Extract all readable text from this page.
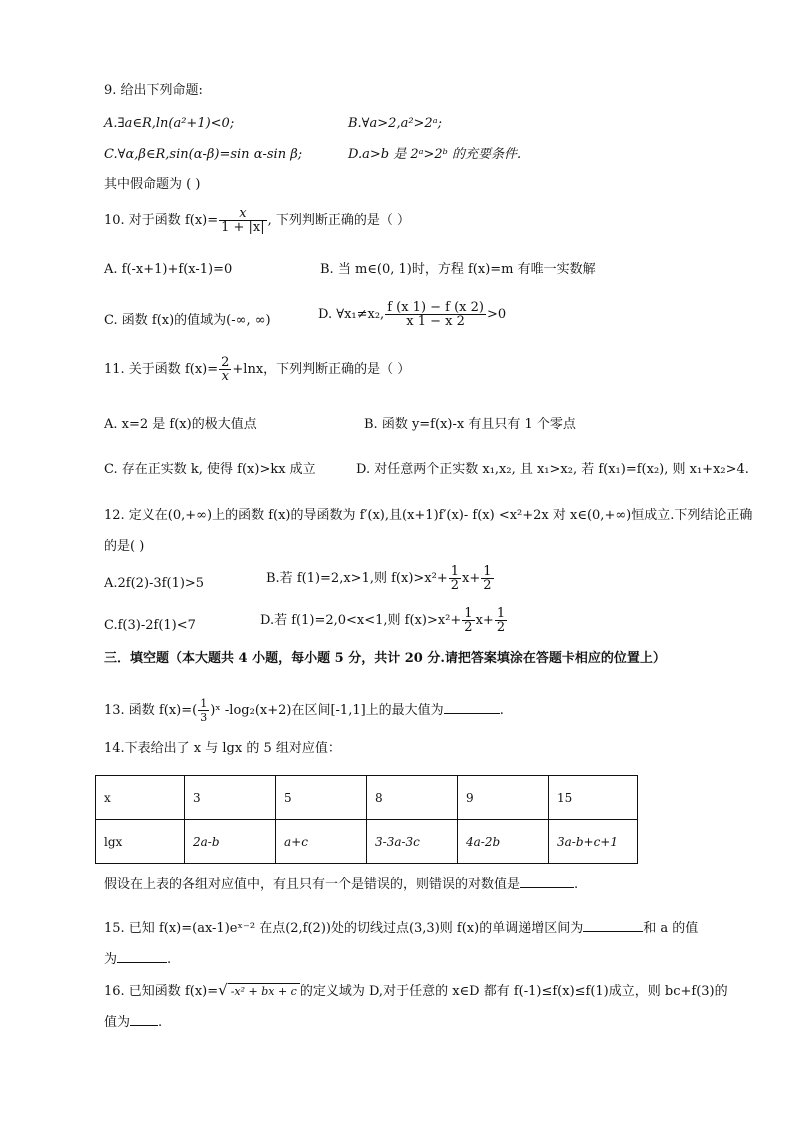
9. 给出下列命题:
A.∃a∈R,ln(a²+1)<0;	B.∀a>2,a²>2ᵃ;
C.∀α,β∈R,sin(α-β)=sin α-sin β;	D.a>b 是 2ᵃ>2ᵇ 的充要条件.
其中假命题为 ( )
10. 对于函数 $f(x)= \frac{x}{1 + |x|}$ , 下列判断正确的是（ ）
A. f(-x+1)+f(x-1)=0	B. 当 m∈(0, 1)时，方程 f(x)=m 有唯一实数解
C. 函数 f(x)的值域为(-∞, ∞)	D. ∀x₁≠x₂, $\frac{f (x 1) - f (x 2)}{x 1 - x 2} >0$
11. 关于函数 $f(x)= \frac{2}{x} +\ln x$，下列判断正确的是（ ）
A. x=2 是 f(x)的极大值点	B. 函数 y=f(x)-x 有且只有 1 个零点
C. 存在正实数 k, 使得 f(x)>kx 成立	D. 对任意两个正实数 x₁,x₂, 且 x₁>x₂, 若 f(x₁)=f(x₂), 则 x₁+x₂>4.
12. 定义在(0,+∞)上的函数 f(x)的导函数为 f′(x),且(x+1)f′(x)- f(x) <x²+2x 对 x∈(0,+∞)恒成立.下列结论正确
的是( )
A.2f(2)-3f(1)>5	B.若 f(1)=2,x>1,则 $f(x)>x^2+ \frac{1}{2} x+ \frac{1}{2}$
C.f(3)-2f(1)<7	D.若 f(1)=2,0<x<1,则 $f(x)>x^2+ \frac{1}{2} x+ \frac{1}{2}$
三．填空题（本大题共 4 小题，每小题 5 分，共计 20 分.请把答案填涂在答题卡相应的位置上）
13. 函数 $f(x)=( \frac{1}{3}$ )ˣ -log₂(x+2)在区间[-1,1]上的最大值为	.
14.下表给出了 x 与 lgx 的 5 组对应值：
x	3	5	8	9	15
lgx	2a-b	a+c	3-3a-3c	4a-2b	3a-b+c+1
假设在上表的各组对应值中，有且只有一个是错误的，则错误的对数值是	.
15. 已知 f(x)=(ax-1)eˣ⁻² 在点(2,f(2))处的切线过点(3,3)则 f(x)的单调递增区间为	和 a 的值
为	.
16. 已知函数 f(x)=√ -x² + bx + c 的定义域为 D,对于任意的 x∈D 都有 f(-1)≤f(x)≤f(1)成立，则 bc+f(3)的
值为 .
